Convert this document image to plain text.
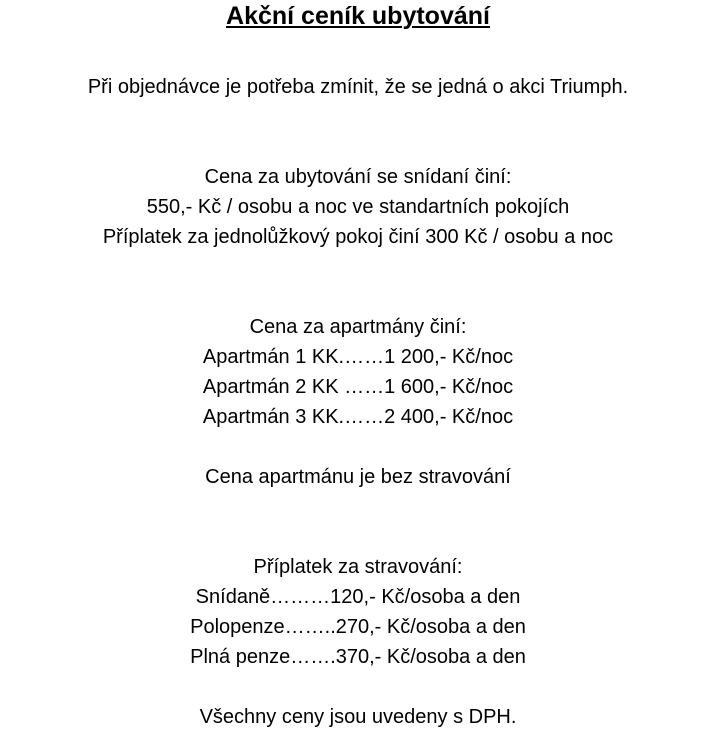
Akční ceník ubytování
Při objednávce je potřeba zmínit, že se jedná o akci Triumph.
Cena za ubytování se snídaní činí:
550,- Kč / osobu a noc ve standartních pokojích
Příplatek za jednolůžkový pokoj činí 300 Kč / osobu a noc
Cena za apartmány činí:
Apartmán 1 KK.……1 200,- Kč/noc
Apartmán 2 KK ……1 600,- Kč/noc
Apartmán 3 KK.……2 400,- Kč/noc
Cena apartmánu je bez stravování
Příplatek za stravování:
Snídaně………120,- Kč/osoba a den
Polopenze……..270,- Kč/osoba a den
Plná penze…….370,- Kč/osoba a den
Všechny ceny jsou uvedeny s DPH.
